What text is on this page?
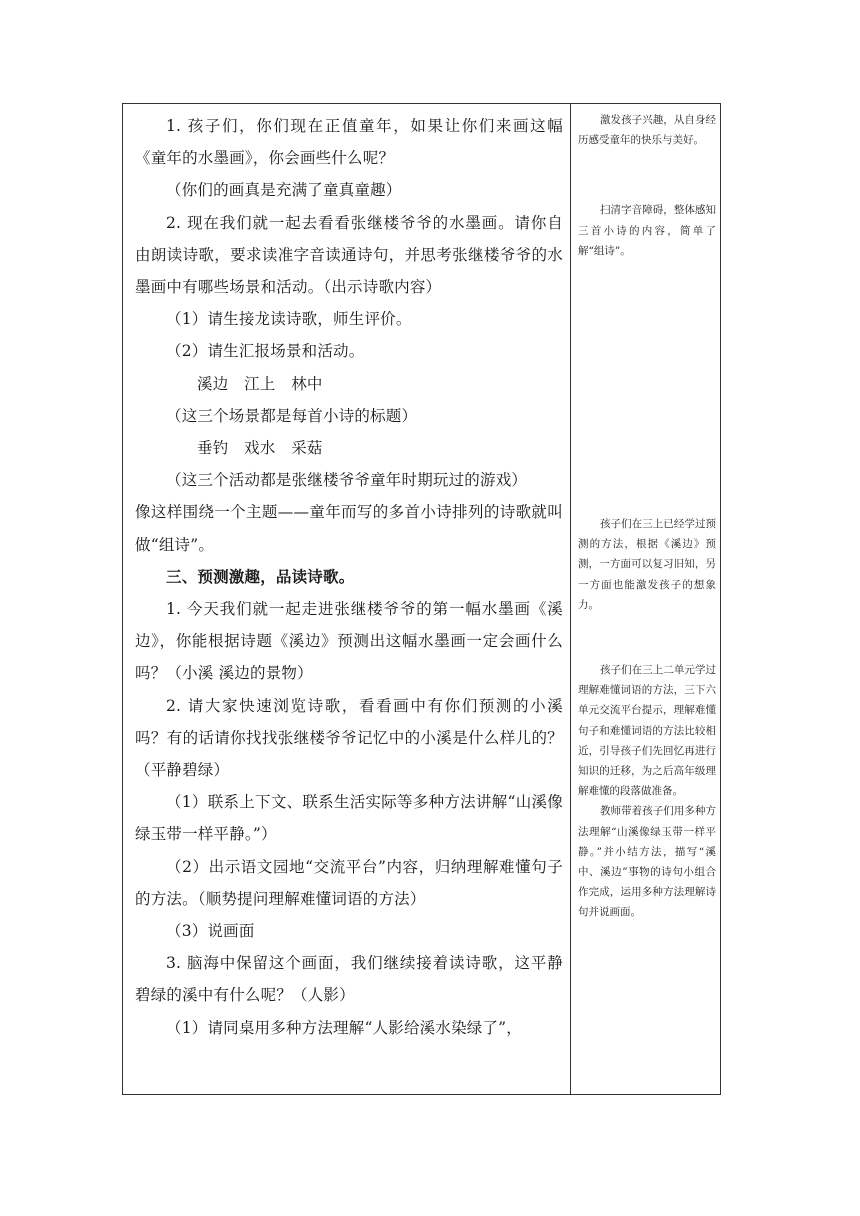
1. 孩子们，你们现在正值童年，如果让你们来画这幅《童年的水墨画》，你会画些什么呢？

（你们的画真是充满了童真童趣）

2. 现在我们就一起去看看张继楼爷爷的水墨画。请你自由朗读诗歌，要求读准字音读通诗句，并思考张继楼爷爷的水墨画中有哪些场景和活动。（出示诗歌内容）

（1）请生接龙读诗歌，师生评价。

（2）请生汇报场景和活动。

溪边　江上　林中

（这三个场景都是每首小诗的标题）

垂钓　戏水　采菇

（这三个活动都是张继楼爷爷童年时期玩过的游戏）

像这样围绕一个主题——童年而写的多首小诗排列的诗歌就叫做“组诗”。

三、预测激趣，品读诗歌。

1. 今天我们就一起走进张继楼爷爷的第一幅水墨画《溪边》，你能根据诗题《溪边》预测出这幅水墨画一定会画什么吗？（小溪 溪边的景物）

2. 请大家快速浏览诗歌，看看画中有你们预测的小溪吗？有的话请你找找张继楼爷爷记忆中的小溪是什么样儿的？（平静碧绿）

（1）联系上下文、联系生活实际等多种方法讲解“山溪像绿玉带一样平静。”）

（2）出示语文园地“交流平台”内容，归纳理解难懂句子的方法。（顺势提问理解难懂词语的方法）

（3）说画面

3. 脑海中保留这个画面，我们继续接着读诗歌，这平静碧绿的溪中有什么呢？（人影）

（1）请同桌用多种方法理解“人影给溪水染绿了”，

激发孩子兴趣，从自身经历感受童年的快乐与美好。

扫清字音障碍，整体感知三首小诗的内容，简单了解“组诗”。

孩子们在三上已经学过预测的方法，根据《溪边》预测，一方面可以复习旧知，另一方面也能激发孩子的想象力。

孩子们在三上二单元学过理解难懂词语的方法，三下六单元交流平台提示，理解难懂句子和难懂词语的方法比较相近，引导孩子们先回忆再进行知识的迁移，为之后高年级理解难懂的段落做准备。

教师带着孩子们用多种方法理解“山溪像绿玉带一样平静。”并小结方法，描写“溪中、溪边”事物的诗句小组合作完成，运用多种方法理解诗句并说画面。
